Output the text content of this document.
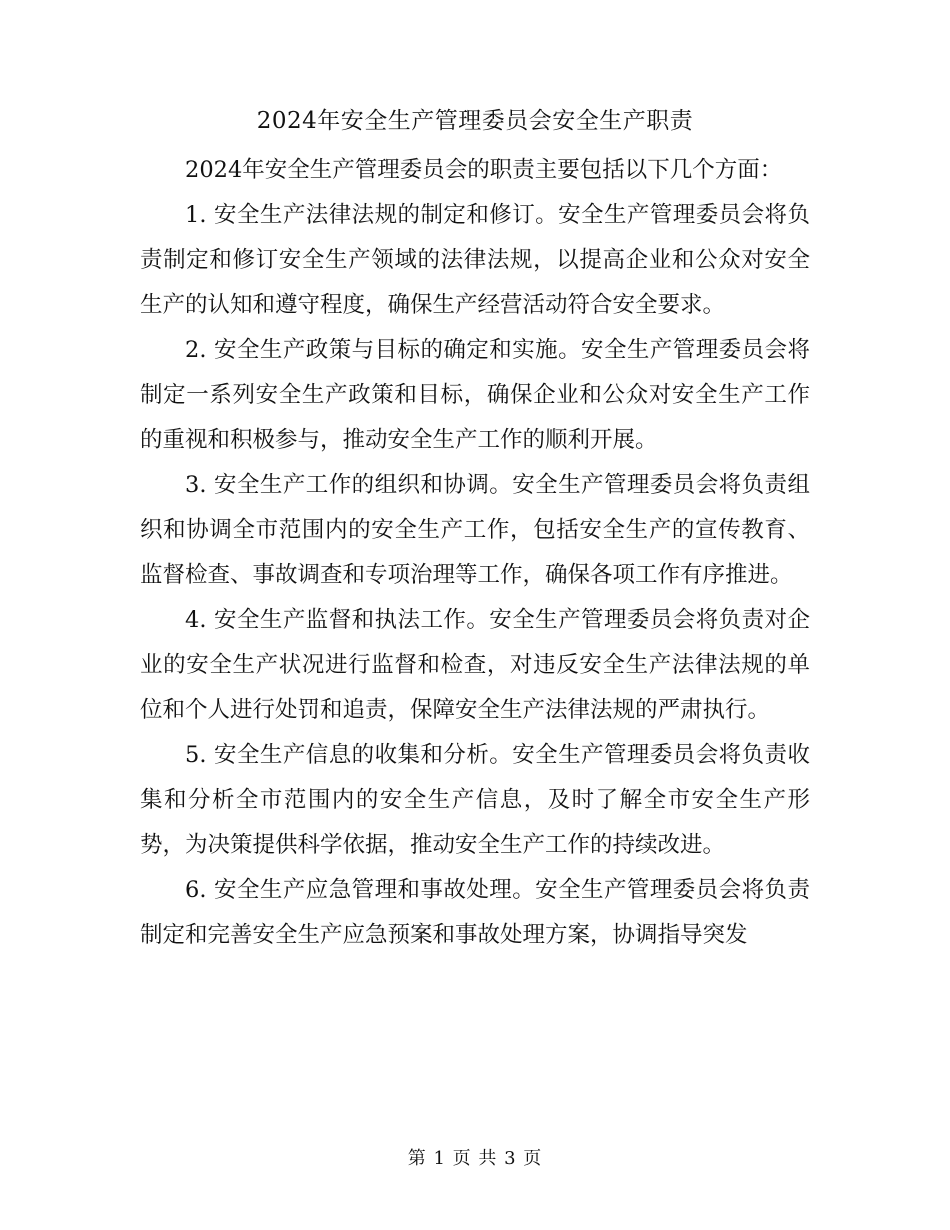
2024年安全生产管理委员会安全生产职责

2024年安全生产管理委员会的职责主要包括以下几个方面：

1. 安全生产法律法规的制定和修订。安全生产管理委员会将负责制定和修订安全生产领域的法律法规，以提高企业和公众对安全生产的认知和遵守程度，确保生产经营活动符合安全要求。

2. 安全生产政策与目标的确定和实施。安全生产管理委员会将制定一系列安全生产政策和目标，确保企业和公众对安全生产工作的重视和积极参与，推动安全生产工作的顺利开展。

3. 安全生产工作的组织和协调。安全生产管理委员会将负责组织和协调全市范围内的安全生产工作，包括安全生产的宣传教育、监督检查、事故调查和专项治理等工作，确保各项工作有序推进。

4. 安全生产监督和执法工作。安全生产管理委员会将负责对企业的安全生产状况进行监督和检查，对违反安全生产法律法规的单位和个人进行处罚和追责，保障安全生产法律法规的严肃执行。

5. 安全生产信息的收集和分析。安全生产管理委员会将负责收集和分析全市范围内的安全生产信息，及时了解全市安全生产形势，为决策提供科学依据，推动安全生产工作的持续改进。

6. 安全生产应急管理和事故处理。安全生产管理委员会将负责制定和完善安全生产应急预案和事故处理方案，协调指导突发

第 1 页 共 3 页
